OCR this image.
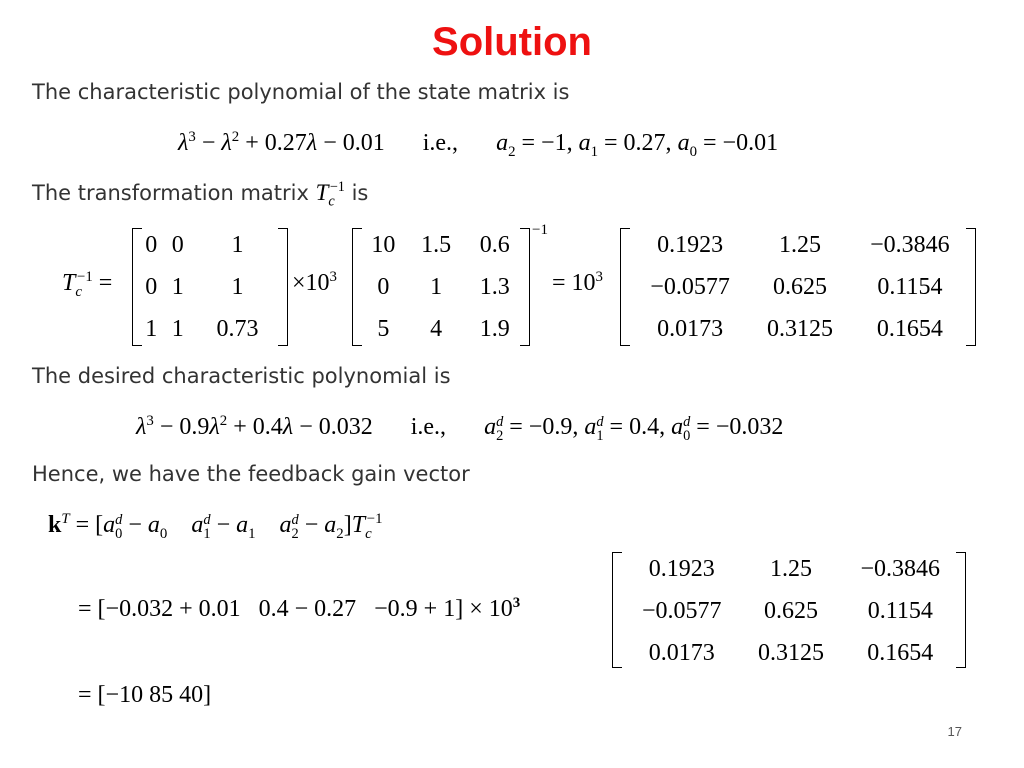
Solution
The characteristic polynomial of the state matrix is
$\lambda^3 - \lambda^2 + 0.27\lambda - 0.01$ i.e., $a_2 = -1$, $a_1 = 0.27$, $a_0 = -0.01$
The transformation matrix $T_c^{-1}$ is
$T_c^{-1}$ =
0	0	1
0	1	1
1	1	0.73
$\times 10^3$
10	1.5	0.6
0	1	1.3
5	4	1.9
−1
= $10^3$
0.1923	1.25	−0.3846
−0.0577	0.625	0.1154
0.0173	0.3125	0.1654
The desired characteristic polynomial is
$\lambda^3 - 0.9\lambda^2 + 0.4\lambda - 0.032$ i.e., a d
2 = −0.9, a d
1 = 0.4, a d
0 = −0.032
Hence, we have the feedback gain vector
$k^T = [a$ d
$0 - a_0$ a d
$1 - a_1$ a d
$2 - a_2]T_c^{-1}$
= [−0.032 + 0.01   $0.4 - 0.27 -0.9 + 1] \times 10^3$
0.1923	1.25	−0.3846
−0.0577	0.625	0.1154
0.0173	0.3125	0.1654
= [−10 85 40]
17
